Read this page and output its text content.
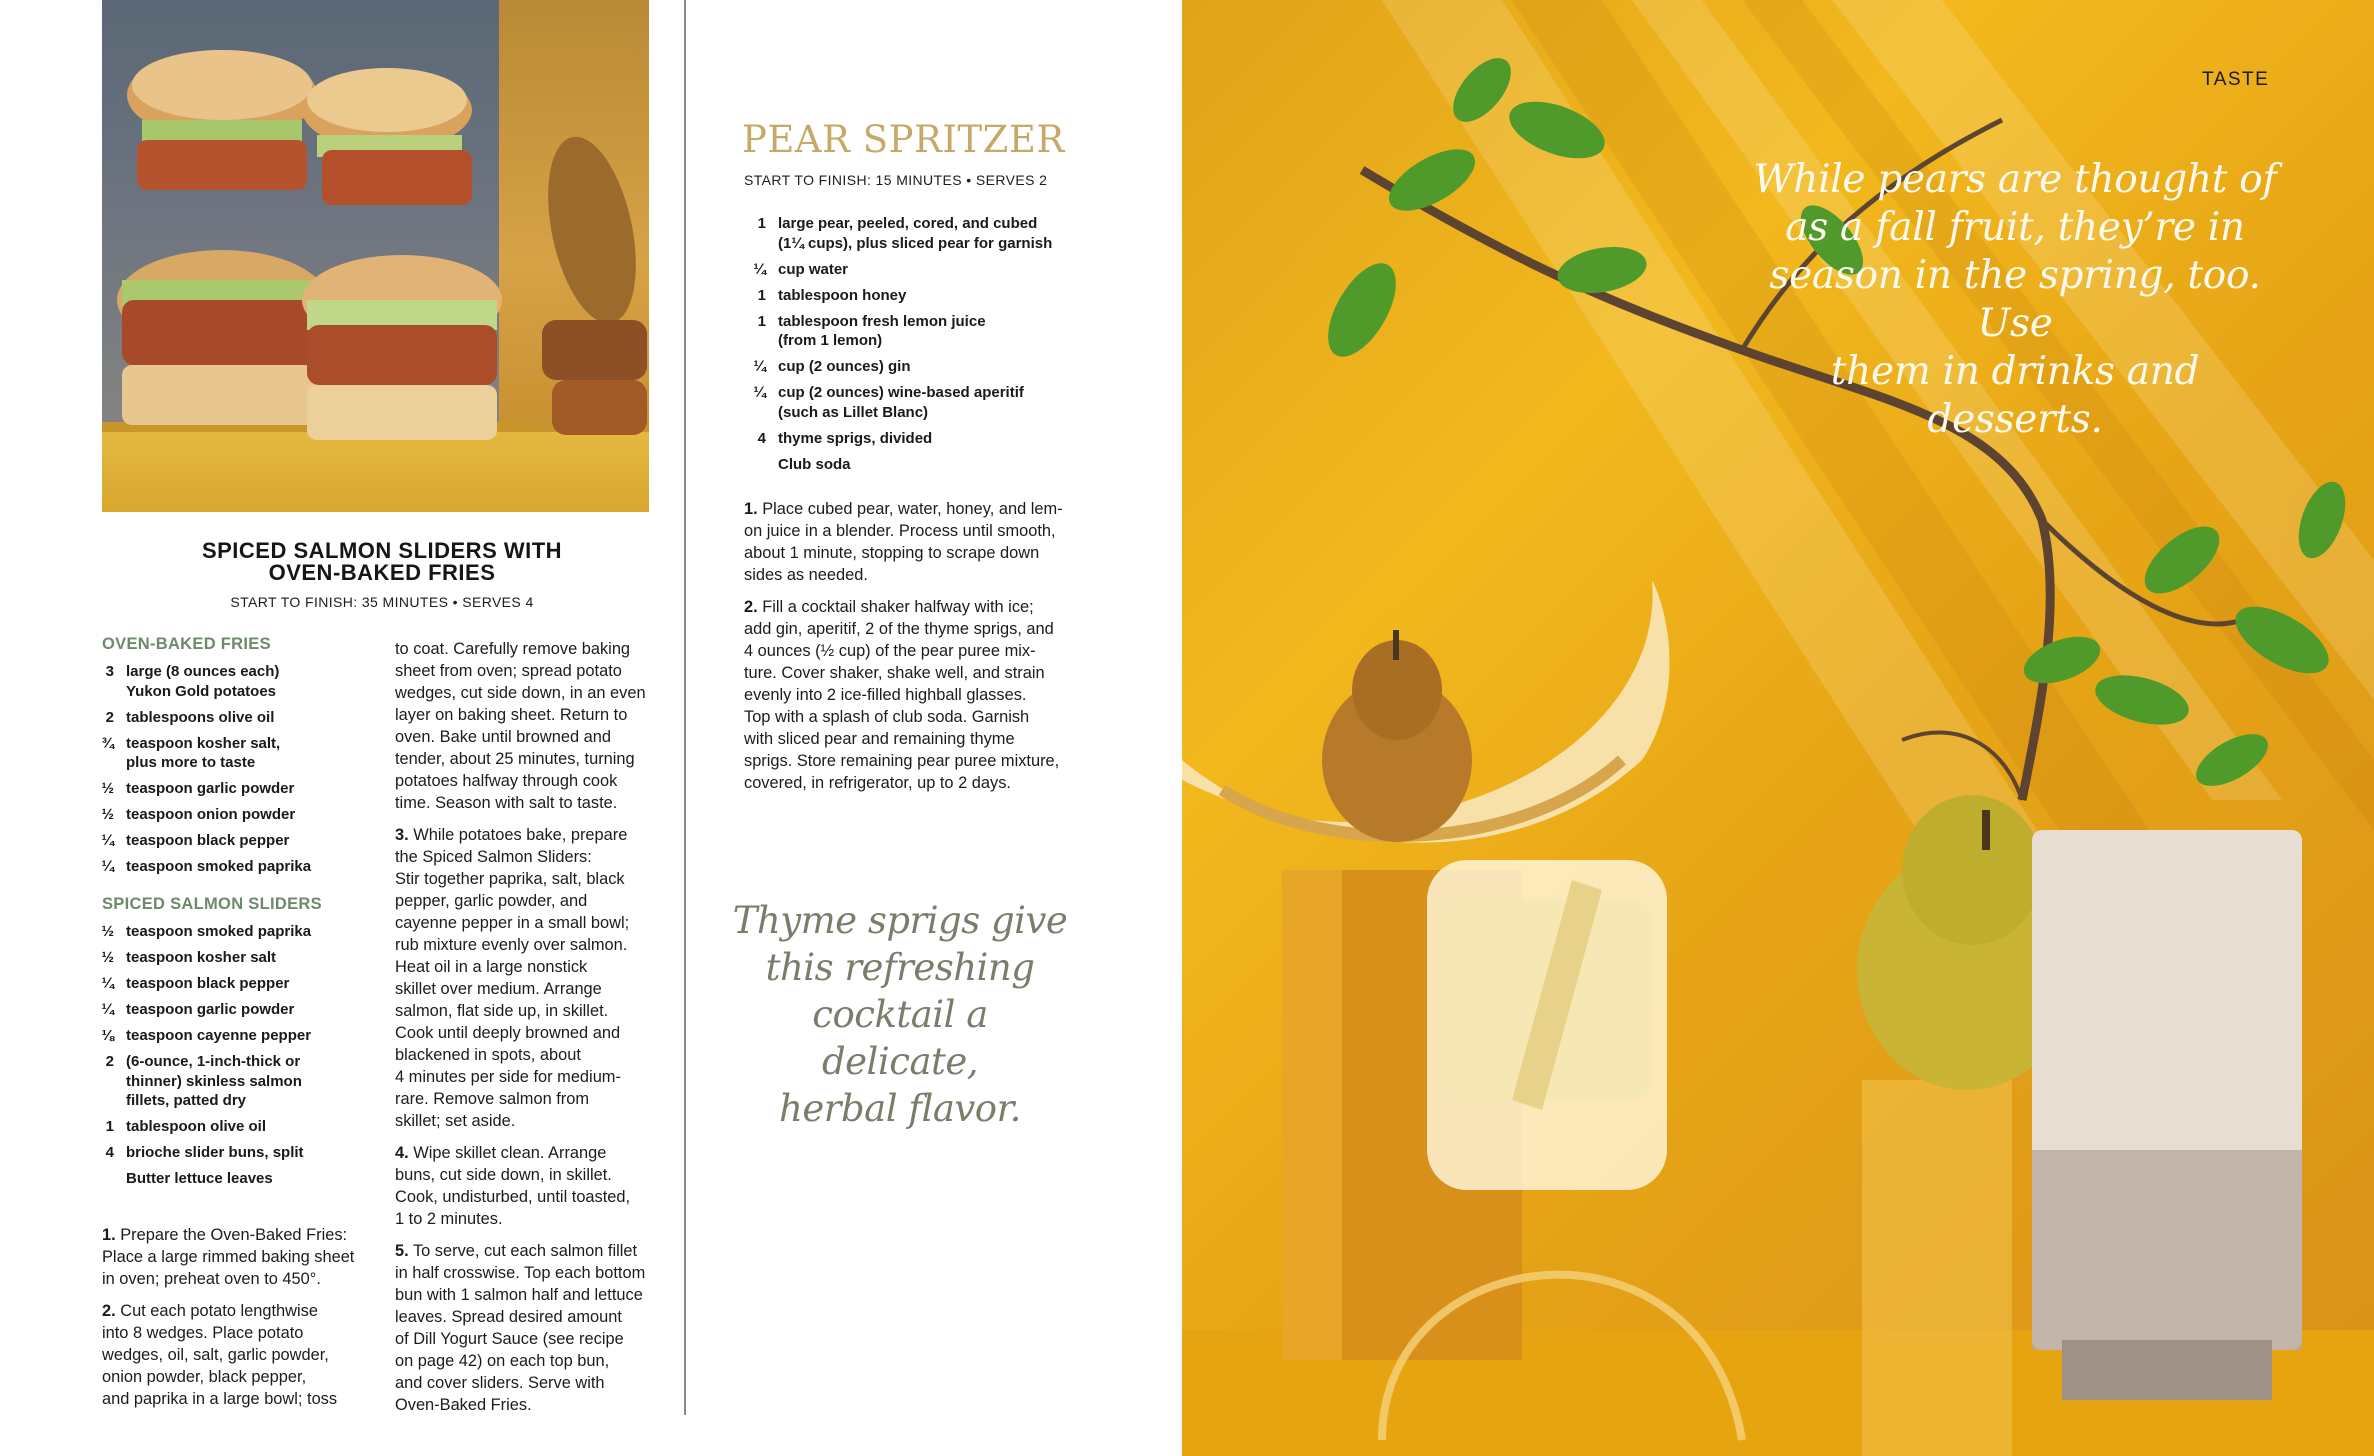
SPICED SALMON SLIDERS WITH
OVEN-BAKED FRIES
START TO FINISH: 35 MINUTES • SERVES 4
OVEN-BAKED FRIES
3 large (8 ounces each)
Yukon Gold potatoes
2 tablespoons olive oil
¾ teaspoon kosher salt,
plus more to taste
½ teaspoon garlic powder
½ teaspoon onion powder
¼ teaspoon black pepper
¼ teaspoon smoked paprika
SPICED SALMON SLIDERS
½ teaspoon smoked paprika
½ teaspoon kosher salt
¼ teaspoon black pepper
¼ teaspoon garlic powder
⅛ teaspoon cayenne pepper
2 (6-ounce, 1-inch-thick or
thinner) skinless salmon
fillets, patted dry
1 tablespoon olive oil
4 brioche slider buns, split
Butter lettuce leaves

1. Prepare the Oven-Baked Fries:
Place a large rimmed baking sheet
in oven; preheat oven to 450°.

2. Cut each potato lengthwise
into 8 wedges. Place potato
wedges, oil, salt, garlic powder,
onion powder, black pepper,
and paprika in a large bowl; toss

to coat. Carefully remove baking
sheet from oven; spread potato
wedges, cut side down, in an even
layer on baking sheet. Return to
oven. Bake until browned and
tender, about 25 minutes, turning
potatoes halfway through cook
time. Season with salt to taste.

3. While potatoes bake, prepare
the Spiced Salmon Sliders:
Stir together paprika, salt, black
pepper, garlic powder, and
cayenne pepper in a small bowl;
rub mixture evenly over salmon.
Heat oil in a large nonstick
skillet over medium. Arrange
salmon, flat side up, in skillet.
Cook until deeply browned and
blackened in spots, about
4 minutes per side for medium-
rare. Remove salmon from
skillet; set aside.

4. Wipe skillet clean. Arrange
buns, cut side down, in skillet.
Cook, undisturbed, until toasted,
1 to 2 minutes.

5. To serve, cut each salmon fillet
in half crosswise. Top each bottom
bun with 1 salmon half and lettuce
leaves. Spread desired amount
of Dill Yogurt Sauce (see recipe
on page 42) on each top bun,
and cover sliders. Serve with
Oven-Baked Fries.

PEAR SPRITZER
START TO FINISH: 15 MINUTES • SERVES 2
1 large pear, peeled, cored, and cubed
(1¼ cups), plus sliced pear for garnish
¼ cup water
1 tablespoon honey
1 tablespoon fresh lemon juice
(from 1 lemon)
¼ cup (2 ounces) gin
¼ cup (2 ounces) wine-based aperitif
(such as Lillet Blanc)
4 thyme sprigs, divided
Club soda

1. Place cubed pear, water, honey, and lem-
on juice in a blender. Process until smooth,
about 1 minute, stopping to scrape down
sides as needed.

2. Fill a cocktail shaker halfway with ice;
add gin, aperitif, 2 of the thyme sprigs, and
4 ounces (½ cup) of the pear puree mix-
ture. Cover shaker, shake well, and strain
evenly into 2 ice-filled highball glasses.
Top with a splash of club soda. Garnish
with sliced pear and remaining thyme
sprigs. Store remaining pear puree mixture,
covered, in refrigerator, up to 2 days.

Thyme sprigs give
this refreshing
cocktail a delicate,
herbal flavor.
TASTE
While pears are thought of
as a fall fruit, they’re in
season in the spring, too. Use
them in drinks and desserts.
